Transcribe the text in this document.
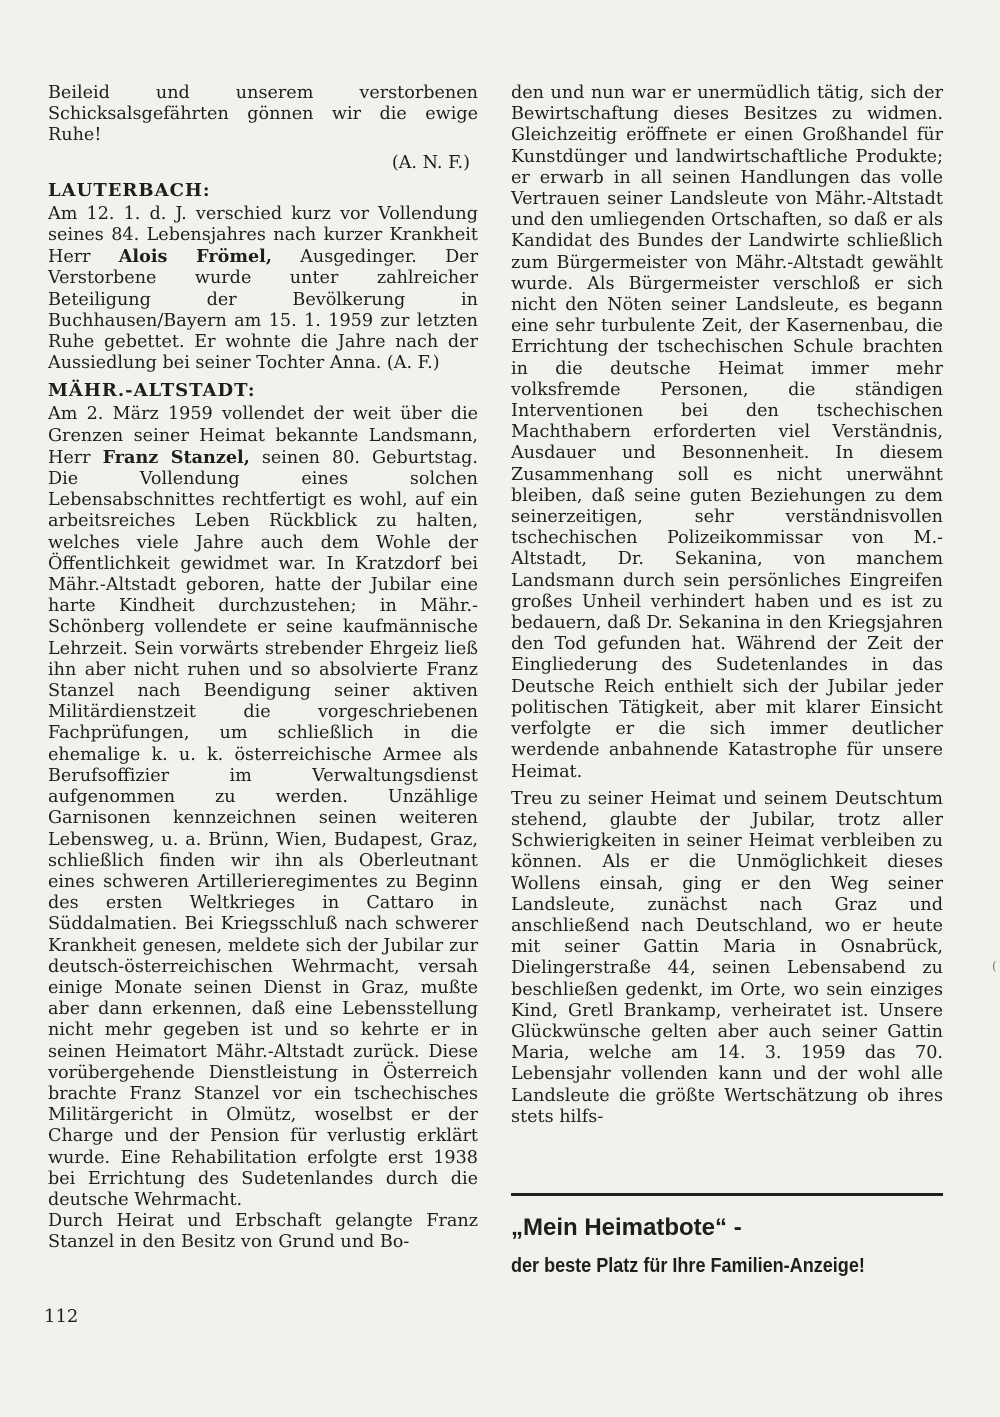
Beileid und unserem verstorbenen Schicksalsgefährten gönnen wir die ewige Ruhe!

(A. N. F.)

LAUTERBACH:

Am 12. 1. d. J. verschied kurz vor Vollendung seines 84. Lebensjahres nach kurzer Krankheit Herr Alois Frömel, Ausgedinger. Der Verstorbene wurde unter zahlreicher Beteiligung der Bevölkerung in Buchhausen/Bayern am 15. 1. 1959 zur letzten Ruhe gebettet. Er wohnte die Jahre nach der Aussiedlung bei seiner Tochter Anna. (A. F.)

MÄHR.-ALTSTADT:

Am 2. März 1959 vollendet der weit über die Grenzen seiner Heimat bekannte Landsmann, Herr Franz Stanzel, seinen 80. Geburtstag. Die Vollendung eines solchen Lebensabschnittes rechtfertigt es wohl, auf ein arbeitsreiches Leben Rückblick zu halten, welches viele Jahre auch dem Wohle der Öffentlichkeit gewidmet war. In Kratzdorf bei Mähr.-Altstadt geboren, hatte der Jubilar eine harte Kindheit durchzustehen; in Mähr.-Schönberg vollendete er seine kaufmännische Lehrzeit. Sein vorwärts strebender Ehrgeiz ließ ihn aber nicht ruhen und so absolvierte Franz Stanzel nach Beendigung seiner aktiven Militärdienstzeit die vorgeschriebenen Fachprüfungen, um schließlich in die ehemalige k. u. k. österreichische Armee als Berufsoffizier im Verwaltungsdienst aufgenommen zu werden. Unzählige Garnisonen kennzeichnen seinen weiteren Lebensweg, u. a. Brünn, Wien, Budapest, Graz, schließlich finden wir ihn als Oberleutnant eines schweren Artillerieregimentes zu Beginn des ersten Weltkrieges in Cattaro in Süddalmatien. Bei Kriegsschluß nach schwerer Krankheit genesen, meldete sich der Jubilar zur deutsch-österreichischen Wehrmacht, versah einige Monate seinen Dienst in Graz, mußte aber dann erkennen, daß eine Lebensstellung nicht mehr gegeben ist und so kehrte er in seinen Heimatort Mähr.-Altstadt zurück. Diese vorübergehende Dienstleistung in Österreich brachte Franz Stanzel vor ein tschechisches Militärgericht in Olmütz, woselbst er der Charge und der Pension für verlustig erklärt wurde. Eine Rehabilitation erfolgte erst 1938 bei Errichtung des Sudetenlandes durch die deutsche Wehrmacht.

Durch Heirat und Erbschaft gelangte Franz Stanzel in den Besitz von Grund und Bo-

den und nun war er unermüdlich tätig, sich der Bewirtschaftung dieses Besitzes zu widmen. Gleichzeitig eröffnete er einen Großhandel für Kunstdünger und landwirtschaftliche Produkte; er erwarb in all seinen Handlungen das volle Vertrauen seiner Landsleute von Mähr.-Altstadt und den umliegenden Ortschaften, so daß er als Kandidat des Bundes der Landwirte schließlich zum Bürgermeister von Mähr.-Altstadt gewählt wurde. Als Bürgermeister verschloß er sich nicht den Nöten seiner Landsleute, es begann eine sehr turbulente Zeit, der Kasernenbau, die Errichtung der tschechischen Schule brachten in die deutsche Heimat immer mehr volksfremde Personen, die ständigen Interventionen bei den tschechischen Machthabern erforderten viel Verständnis, Ausdauer und Besonnenheit. In diesem Zusammenhang soll es nicht unerwähnt bleiben, daß seine guten Beziehungen zu dem seinerzeitigen, sehr verständnisvollen tschechischen Polizeikommissar von M.-Altstadt, Dr. Sekanina, von manchem Landsmann durch sein persönliches Eingreifen großes Unheil verhindert haben und es ist zu bedauern, daß Dr. Sekanina in den Kriegsjahren den Tod gefunden hat. Während der Zeit der Eingliederung des Sudetenlandes in das Deutsche Reich enthielt sich der Jubilar jeder politischen Tätigkeit, aber mit klarer Einsicht verfolgte er die sich immer deutlicher werdende anbahnende Katastrophe für unsere Heimat.

Treu zu seiner Heimat und seinem Deutschtum stehend, glaubte der Jubilar, trotz aller Schwierigkeiten in seiner Heimat verbleiben zu können. Als er die Unmöglichkeit dieses Wollens einsah, ging er den Weg seiner Landsleute, zunächst nach Graz und anschließend nach Deutschland, wo er heute mit seiner Gattin Maria in Osnabrück, Dielingerstraße 44, seinen Lebensabend zu beschließen gedenkt, im Orte, wo sein einziges Kind, Gretl Brankamp, verheiratet ist. Unsere Glückwünsche gelten aber auch seiner Gattin Maria, welche am 14. 3. 1959 das 70. Lebensjahr vollenden kann und der wohl alle Landsleute die größte Wertschätzung ob ihres stets hilfs-

„Mein Heimatbote“ -
der beste Platz für Ihre Familien-Anzeige!
112
(
